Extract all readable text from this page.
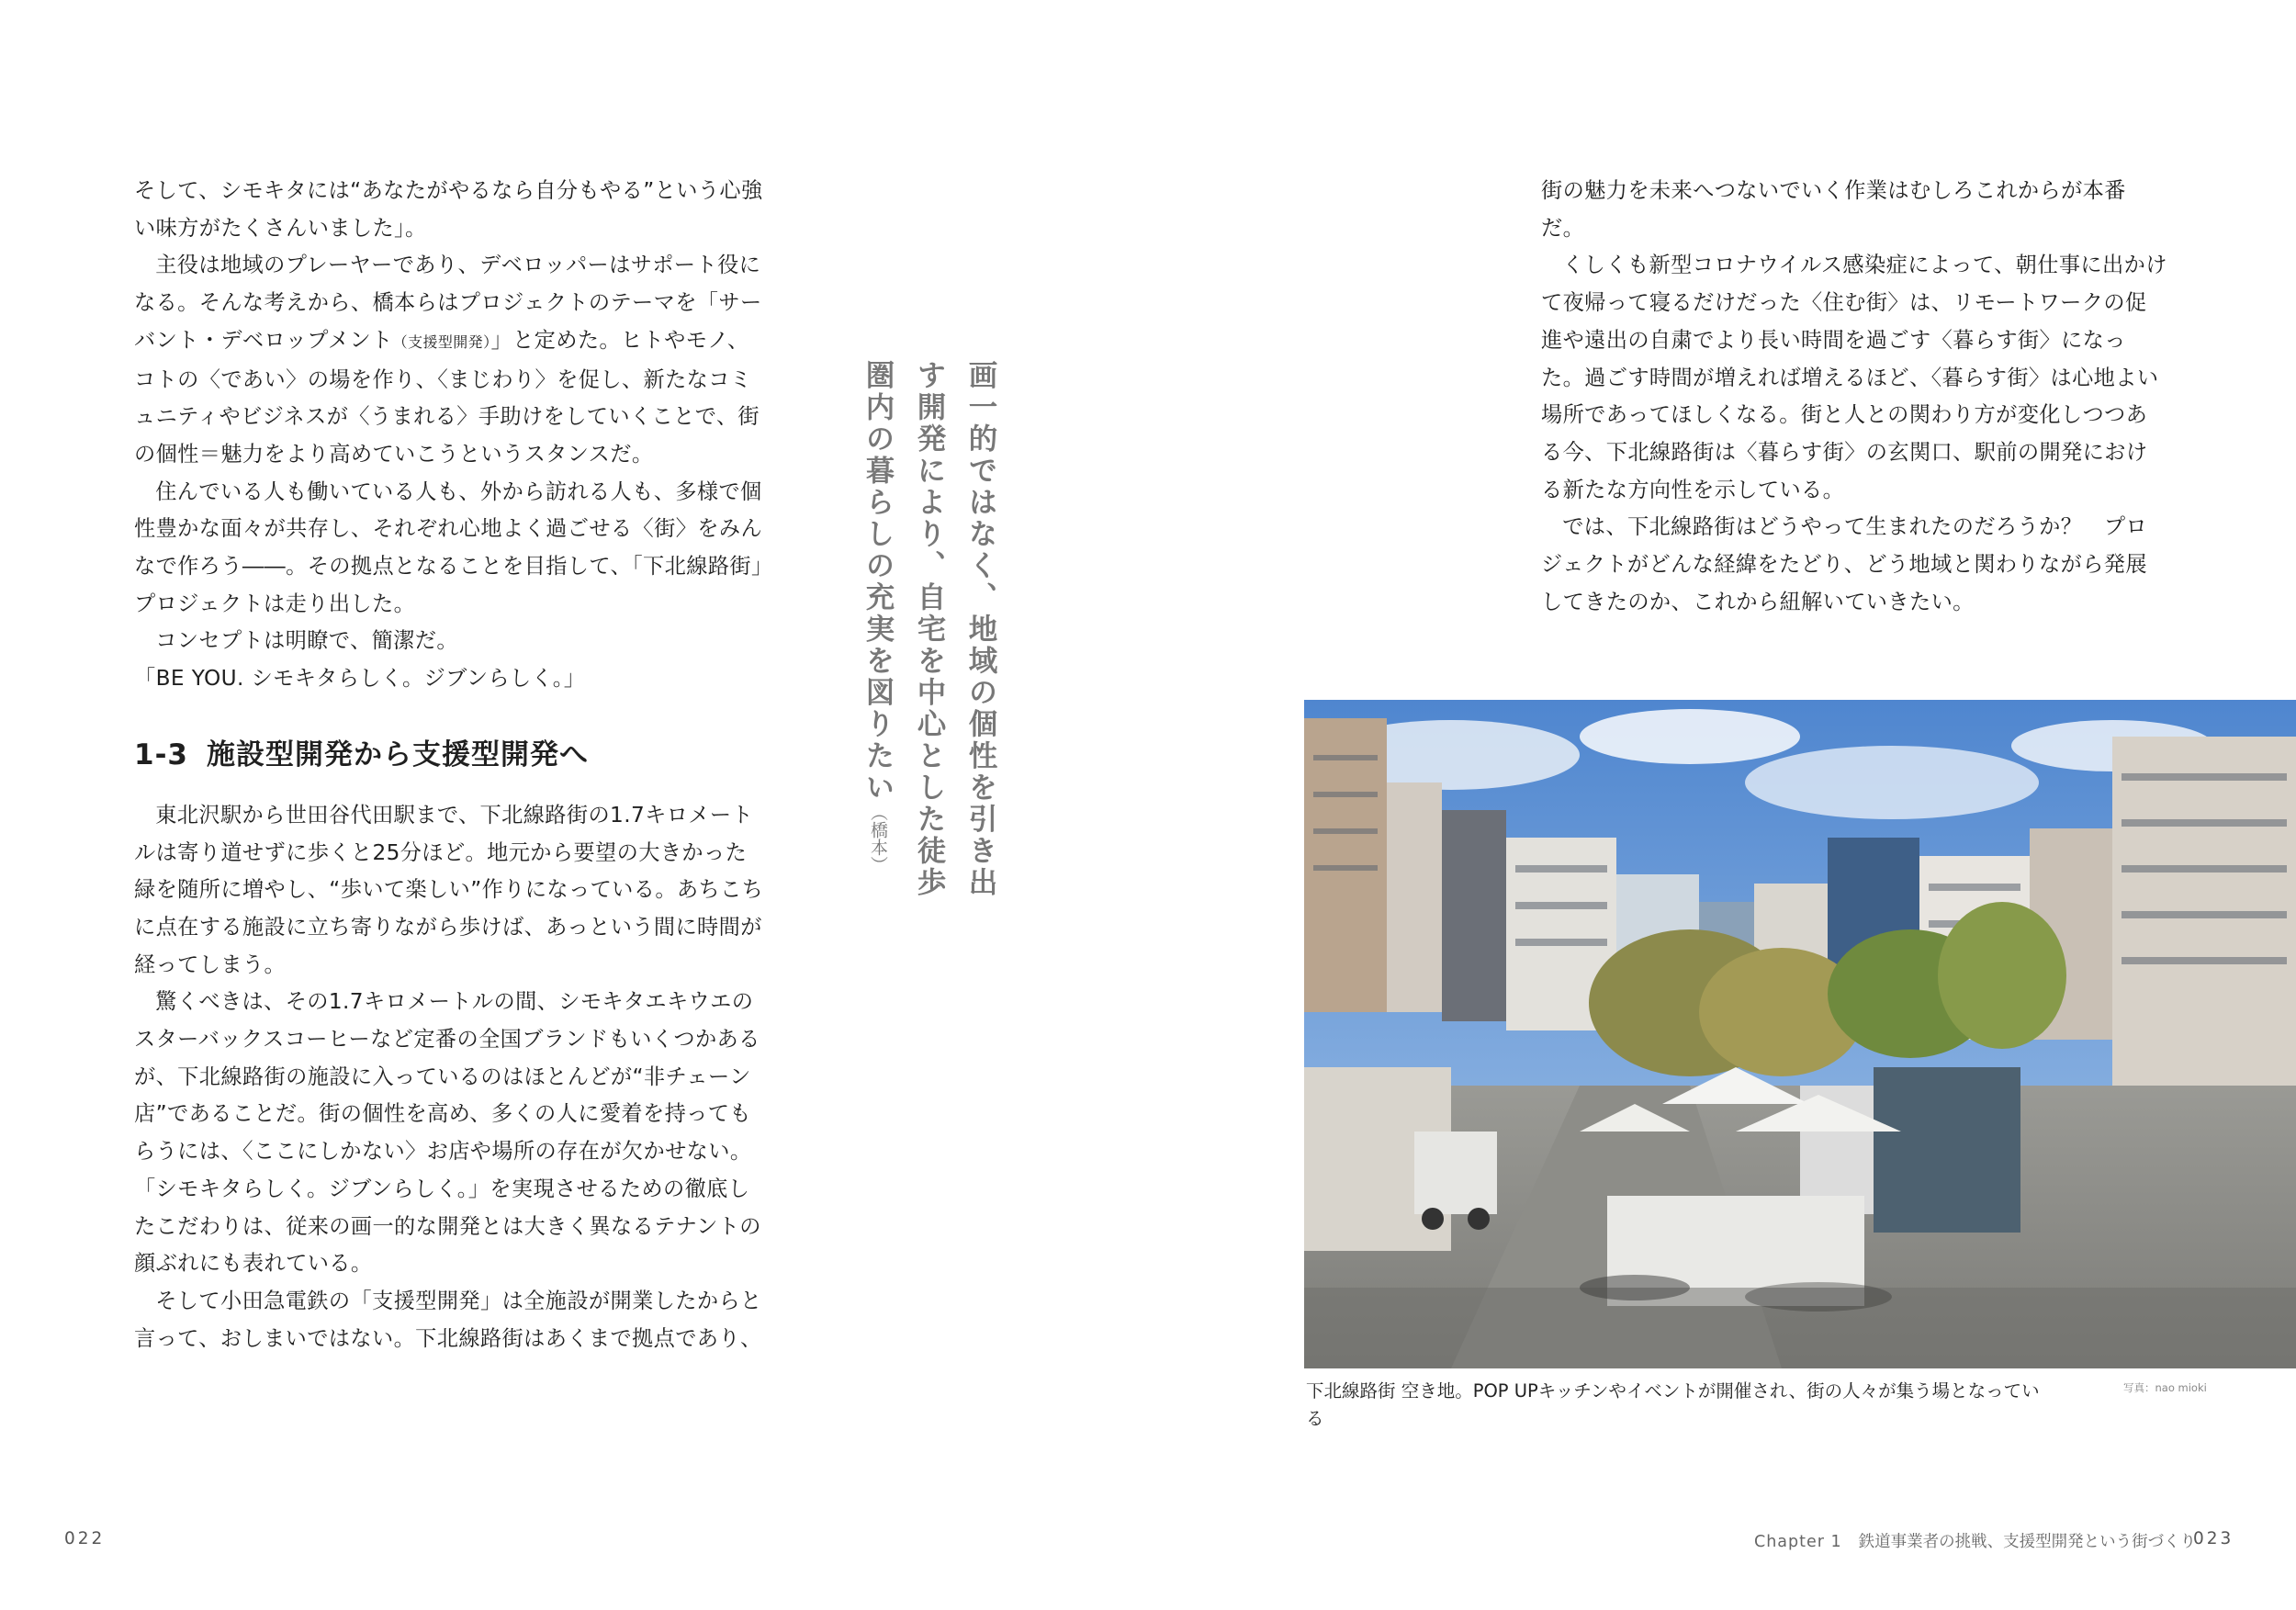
そして、シモキタには“あなたがやるなら自分もやる”という心強い味方がたくさんいました」。

主役は地域のプレーヤーであり、デベロッパーはサポート役になる。そんな考えから、橋本らはプロジェクトのテーマを「サーバント・デベロップメント（支援型開発）」と定めた。ヒトやモノ、コトの〈であい〉の場を作り、〈まじわり〉を促し、新たなコミュニティやビジネスが〈うまれる〉手助けをしていくことで、街の個性＝魅力をより高めていこうというスタンスだ。

住んでいる人も働いている人も、外から訪れる人も、多様で個性豊かな面々が共存し、それぞれ心地よく過ごせる〈街〉をみんなで作ろう――。その拠点となることを目指して、「下北線路街」プロジェクトは走り出した。

コンセプトは明瞭で、簡潔だ。

「BE YOU. シモキタらしく。ジブンらしく。」

1-3 施設型開発から支援型開発へ

東北沢駅から世田谷代田駅まで、下北線路街の1.7キロメートルは寄り道せずに歩くと25分ほど。地元から要望の大きかった緑を随所に増やし、“歩いて楽しい”作りになっている。あちこちに点在する施設に立ち寄りながら歩けば、あっという間に時間が経ってしまう。

驚くべきは、その1.7キロメートルの間、シモキタエキウエのスターバックスコーヒーなど定番の全国ブランドもいくつかあるが、下北線路街の施設に入っているのはほとんどが“非チェーン店”であることだ。街の個性を高め、多くの人に愛着を持ってもらうには、〈ここにしかない〉お店や場所の存在が欠かせない。「シモキタらしく。ジブンらしく。」を実現させるための徹底したこだわりは、従来の画一的な開発とは大きく異なるテナントの顔ぶれにも表れている。

そして小田急電鉄の「支援型開発」は全施設が開業したからと言って、おしまいではない。下北線路街はあくまで拠点であり、

画一的ではなく、地域の個性を引き出す開発により、自宅を中心とした徒歩圏内の暮らしの充実を図りたい（橋本）

街の魅力を未来へつないでいく作業はむしろこれからが本番だ。

くしくも新型コロナウイルス感染症によって、朝仕事に出かけて夜帰って寝るだけだった〈住む街〉は、リモートワークの促進や遠出の自粛でより長い時間を過ごす〈暮らす街〉になった。過ごす時間が増えれば増えるほど、〈暮らす街〉は心地よい場所であってほしくなる。街と人との関わり方が変化しつつある今、下北線路街は〈暮らす街〉の玄関口、駅前の開発における新たな方向性を示している。

では、下北線路街はどうやって生まれたのだろうか？　プロジェクトがどんな経緯をたどり、どう地域と関わりながら発展してきたのか、これから紐解いていきたい。

下北線路街 空き地。POP UPキッチンやイベントが開催され、街の人々が集う場となっている
写真：nao mioki
022	Chapter 1 鉄道事業者の挑戦、支援型開発という街づくり
023
